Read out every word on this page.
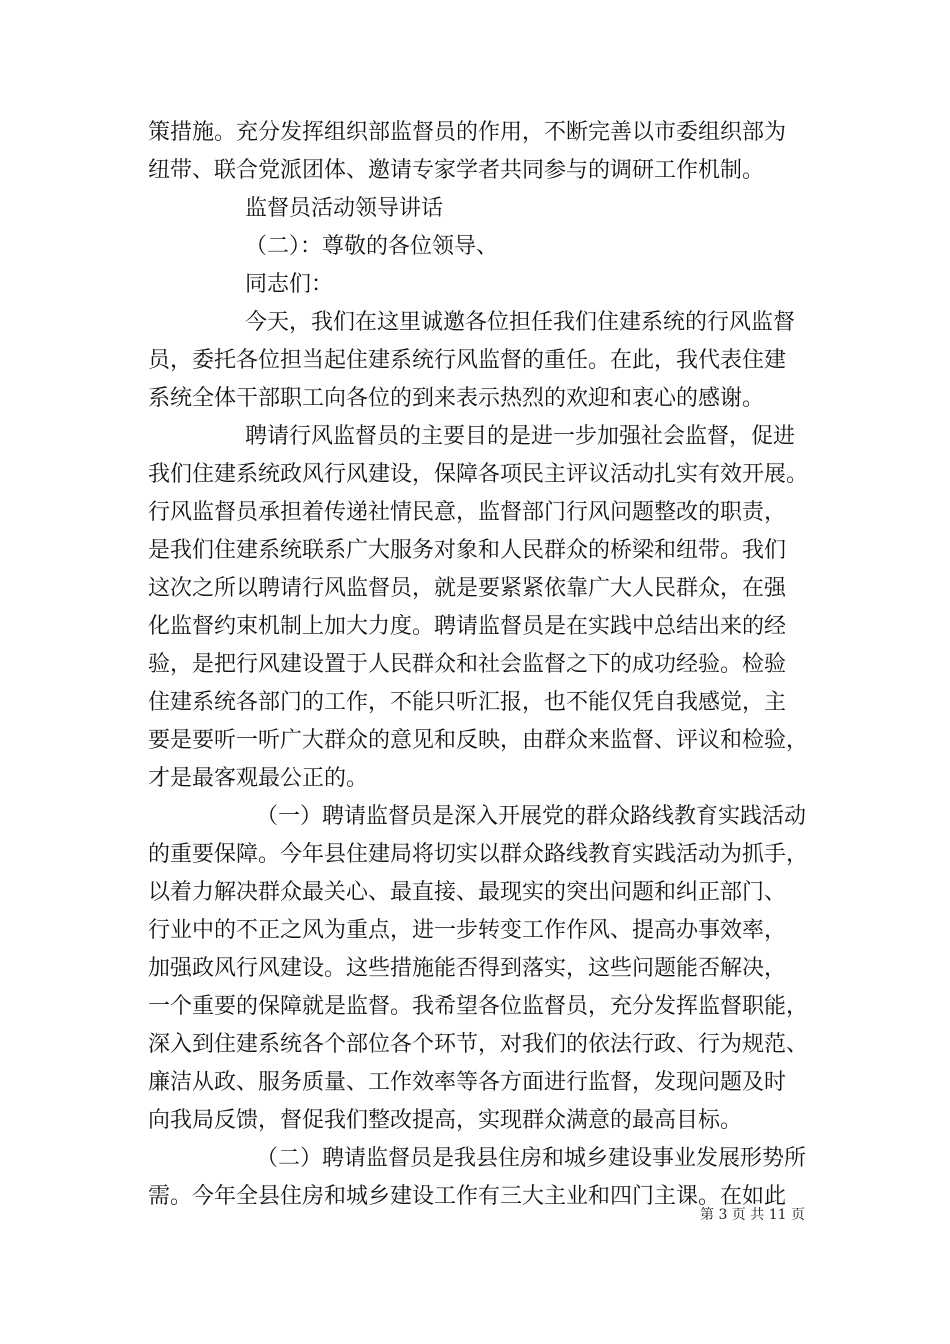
策措施。充分发挥组织部监督员的作用，不断完善以市委组织部为
纽带、联合党派团体、邀请专家学者共同参与的调研工作机制。
监督员活动领导讲话
（二）：尊敬的各位领导、
同志们：
今天，我们在这里诚邀各位担任我们住建系统的行风监督
员，委托各位担当起住建系统行风监督的重任。在此，我代表住建
系统全体干部职工向各位的到来表示热烈的欢迎和衷心的感谢。
聘请行风监督员的主要目的是进一步加强社会监督，促进
我们住建系统政风行风建设，保障各项民主评议活动扎实有效开展。
行风监督员承担着传递社情民意，监督部门行风问题整改的职责，
是我们住建系统联系广大服务对象和人民群众的桥梁和纽带。我们
这次之所以聘请行风监督员，就是要紧紧依靠广大人民群众，在强
化监督约束机制上加大力度。聘请监督员是在实践中总结出来的经
验，是把行风建设置于人民群众和社会监督之下的成功经验。检验
住建系统各部门的工作，不能只听汇报，也不能仅凭自我感觉，主
要是要听一听广大群众的意见和反映，由群众来监督、评议和检验，
才是最客观最公正的。
（一）聘请监督员是深入开展党的群众路线教育实践活动
的重要保障。今年县住建局将切实以群众路线教育实践活动为抓手，
以着力解决群众最关心、最直接、最现实的突出问题和纠正部门、
行业中的不正之风为重点，进一步转变工作作风、提高办事效率，
加强政风行风建设。这些措施能否得到落实，这些问题能否解决，
一个重要的保障就是监督。我希望各位监督员，充分发挥监督职能，
深入到住建系统各个部位各个环节，对我们的依法行政、行为规范、
廉洁从政、服务质量、工作效率等各方面进行监督，发现问题及时
向我局反馈，督促我们整改提高，实现群众满意的最高目标。
（二）聘请监督员是我县住房和城乡建设事业发展形势所
需。今年全县住房和城乡建设工作有三大主业和四门主课。在如此
第 3 页 共 11 页
